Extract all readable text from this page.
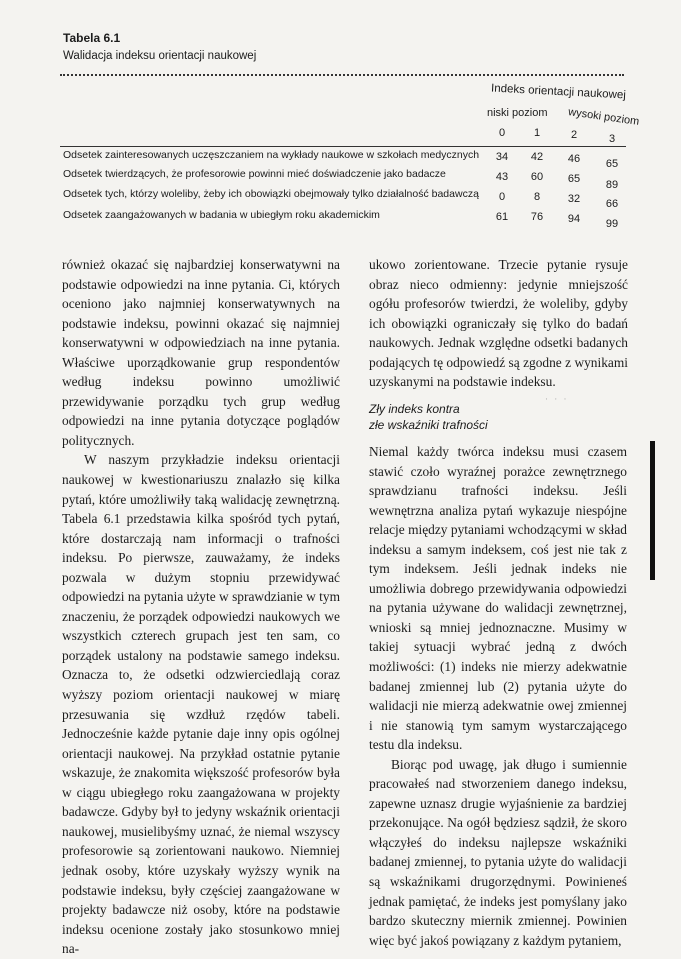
Tabela 6.1
Walidacja indeksu orientacji naukowej
Indeks orientacji naukowej
niski poziom wysoki poziom
0	1	2	3
Odsetek zainteresowanych uczęszczaniem na wykłady naukowe w szkołach medycznych	34	42	46	65
Odsetek twierdzących, że profesorowie powinni mieć doświadczenie jako badacze	43	60	65	89
Odsetek tych, którzy woleliby, żeby ich obowiązki obejmowały tylko działalność badawczą	0	8	32	66
Odsetek zaangażowanych w badania w ubiegłym roku akademickim	61	76	94	99

również okazać się najbardziej konserwatywni na podstawie odpowiedzi na inne pytania. Ci, których oceniono jako najmniej konserwatywnych na podstawie indeksu, powinni okazać się najmniej konserwatywni w odpowiedziach na inne pytania. Właściwe uporządkowanie grup respondentów według indeksu powinno umożliwić przewidywanie porządku tych grup według odpowiedzi na inne pytania dotyczące poglądów politycznych.

W naszym przykładzie indeksu orientacji naukowej w kwestionariuszu znalazło się kilka pytań, które umożliwiły taką walidację zewnętrzną. Tabela 6.1 przedstawia kilka spośród tych pytań, które dostarczają nam informacji o trafności indeksu. Po pierwsze, zauważamy, że indeks pozwala w dużym stopniu przewidywać odpowiedzi na pytania użyte w sprawdzianie w tym znaczeniu, że porządek odpowiedzi naukowych we wszystkich czterech grupach jest ten sam, co porządek ustalony na podstawie samego indeksu. Oznacza to, że odsetki odzwierciedlają coraz wyższy poziom orientacji naukowej w miarę przesuwania się wzdłuż rzędów tabeli. Jednocześnie każde pytanie daje inny opis ogólnej orientacji naukowej. Na przykład ostatnie pytanie wskazuje, że znakomita większość profesorów była w ciągu ubiegłego roku zaangażowana w projekty badawcze. Gdyby był to jedyny wskaźnik orientacji naukowej, musielibyśmy uznać, że niemal wszyscy profesorowie są zorientowani naukowo. Niemniej jednak osoby, które uzyskały wyższy wynik na podstawie indeksu, były częściej zaangażowane w projekty badawcze niż osoby, które na podstawie indeksu ocenione zostały jako stosunkowo mniej na-

ukowo zorientowane. Trzecie pytanie rysuje obraz nieco odmienny: jedynie mniejszość ogółu profesorów twierdzi, że woleliby, gdyby ich obowiązki ograniczały się tylko do badań naukowych. Jednak względne odsetki badanych podających tę odpowiedź są zgodne z wynikami uzyskanymi na podstawie indeksu.

· · ·

Zły indeks kontra

złe wskaźniki trafności

Niemal każdy twórca indeksu musi czasem stawić czoło wyraźnej porażce zewnętrznego sprawdzianu trafności indeksu. Jeśli wewnętrzna analiza pytań wykazuje niespójne relacje między pytaniami wchodzącymi w skład indeksu a samym indeksem, coś jest nie tak z tym indeksem. Jeśli jednak indeks nie umożliwia dobrego przewidywania odpowiedzi na pytania używane do walidacji zewnętrznej, wnioski są mniej jednoznaczne. Musimy w takiej sytuacji wybrać jedną z dwóch możliwości: (1) indeks nie mierzy adekwatnie badanej zmiennej lub (2) pytania użyte do walidacji nie mierzą adekwatnie owej zmiennej i nie stanowią tym samym wystarczającego testu dla indeksu.

Biorąc pod uwagę, jak długo i sumiennie pracowałeś nad stworzeniem danego indeksu, zapewne uznasz drugie wyjaśnienie za bardziej przekonujące. Na ogół będziesz sądził, że skoro włączyłeś do indeksu najlepsze wskaźniki badanej zmiennej, to pytania użyte do walidacji są wskaźnikami drugorzędnymi. Powinieneś jednak pamiętać, że indeks jest pomyślany jako bardzo skuteczny miernik zmiennej. Powinien więc być jakoś powiązany z każdym pytaniem,
